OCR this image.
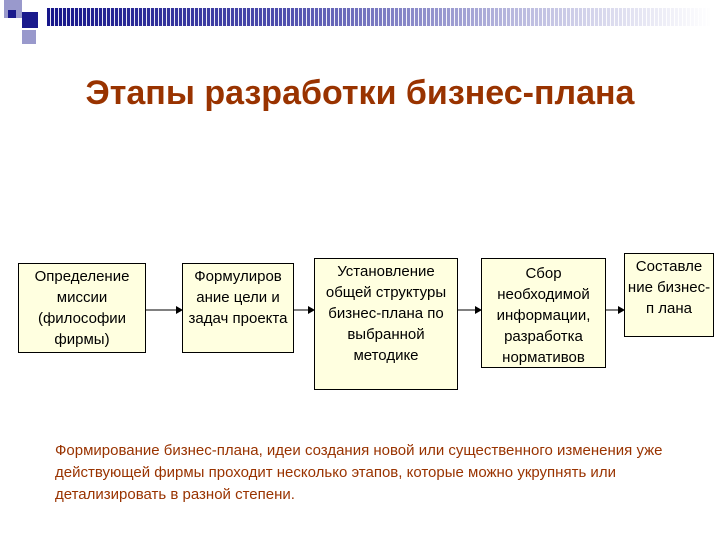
Этапы разработки бизнес-плана
Определение миссии (философии фирмы)
Формулиров ание цели и задач проекта
Установление общей структуры бизнес-плана по выбранной методике
Сбор необходимой информации, разработка нормативов
Составле ние бизнес-п лана
Формирование бизнес-плана, идеи создания новой или существенного изменения уже действующей фирмы проходит несколько этапов, которые можно укрупнять или детализировать в разной степени.
